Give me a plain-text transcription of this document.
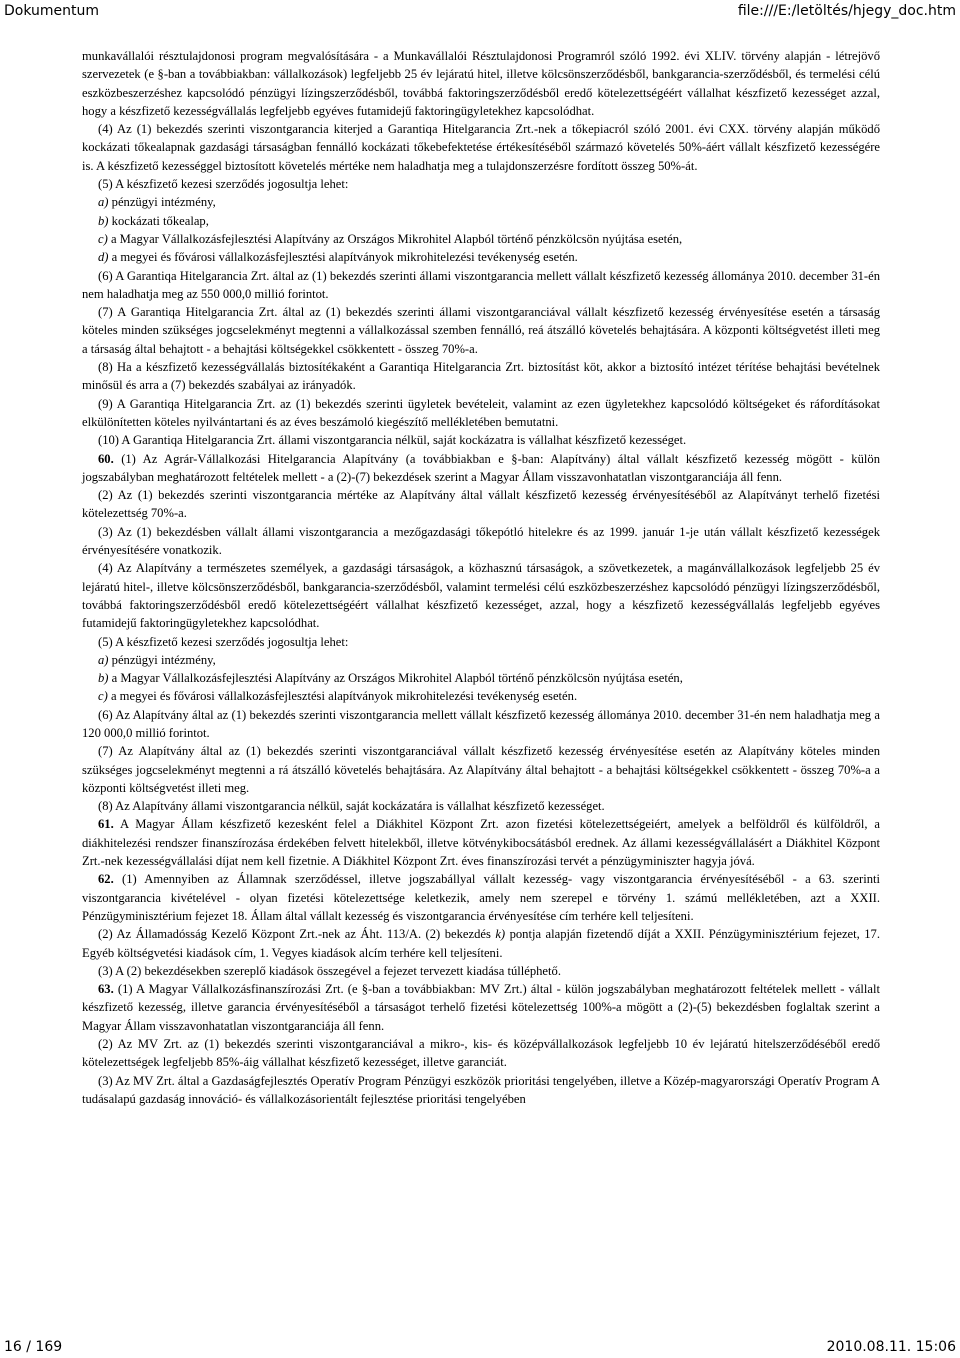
Dokumentum	file:///E:/letöltés/hjegy_doc.htm

munkavállalói résztulajdonosi program megvalósítására - a Munkavállalói Résztulajdonosi Programról szóló 1992. évi XLIV. törvény alapján - létrejövő szervezetek (e §-ban a továbbiakban: vállalkozások) legfeljebb 25 év lejáratú hitel, illetve kölcsönszerződésből, bankgarancia-szerződésből, és termelési célú eszközbeszerzéshez kapcsolódó pénzügyi lízingszerződésből, továbbá faktoringszerződésből eredő kötelezettségéért vállalhat készfizető kezességet azzal, hogy a készfizető kezességvállalás legfeljebb egyéves futamidejű faktoringügyletekhez kapcsolódhat.

(4) Az (1) bekezdés szerinti viszontgarancia kiterjed a Garantiqa Hitelgarancia Zrt.-nek a tőkepiacról szóló 2001. évi CXX. törvény alapján működő kockázati tőkealapnak gazdasági társaságban fennálló kockázati tőkebefektetése értékesítéséből származó követelés 50%-áért vállalt készfizető kezességére is. A készfizető kezességgel biztosított követelés mértéke nem haladhatja meg a tulajdonszerzésre fordított összeg 50%-át.

(5) A készfizető kezesi szerződés jogosultja lehet:

a) pénzügyi intézmény,

b) kockázati tőkealap,

c) a Magyar Vállalkozásfejlesztési Alapítvány az Országos Mikrohitel Alapból történő pénzkölcsön nyújtása esetén,

d) a megyei és fővárosi vállalkozásfejlesztési alapítványok mikrohitelezési tevékenység esetén.

(6) A Garantiqa Hitelgarancia Zrt. által az (1) bekezdés szerinti állami viszontgarancia mellett vállalt készfizető kezesség állománya 2010. december 31-én nem haladhatja meg az 550 000,0 millió forintot.

(7) A Garantiqa Hitelgarancia Zrt. által az (1) bekezdés szerinti állami viszontgaranciával vállalt készfizető kezesség érvényesítése esetén a társaság köteles minden szükséges jogcselekményt megtenni a vállalkozással szemben fennálló, reá átszálló követelés behajtására. A központi költségvetést illeti meg a társaság által behajtott - a behajtási költségekkel csökkentett - összeg 70%-a.

(8) Ha a készfizető kezességvállalás biztosítékaként a Garantiqa Hitelgarancia Zrt. biztosítást köt, akkor a biztosító intézet térítése behajtási bevételnek minősül és arra a (7) bekezdés szabályai az irányadók.

(9) A Garantiqa Hitelgarancia Zrt. az (1) bekezdés szerinti ügyletek bevételeit, valamint az ezen ügyletekhez kapcsolódó költségeket és ráfordításokat elkülönítetten köteles nyilvántartani és az éves beszámoló kiegészítő mellékletében bemutatni.

(10) A Garantiqa Hitelgarancia Zrt. állami viszontgarancia nélkül, saját kockázatra is vállalhat készfizető kezességet.

60. (1) Az Agrár-Vállalkozási Hitelgarancia Alapítvány (a továbbiakban e §-ban: Alapítvány) által vállalt készfizető kezesség mögött - külön jogszabályban meghatározott feltételek mellett - a (2)-(7) bekezdések szerint a Magyar Állam visszavonhatatlan viszontgaranciája áll fenn.

(2) Az (1) bekezdés szerinti viszontgarancia mértéke az Alapítvány által vállalt készfizető kezesség érvényesítéséből az Alapítványt terhelő fizetési kötelezettség 70%-a.

(3) Az (1) bekezdésben vállalt állami viszontgarancia a mezőgazdasági tőkepótló hitelekre és az 1999. január 1-je után vállalt készfizető kezességek érvényesítésére vonatkozik.

(4) Az Alapítvány a természetes személyek, a gazdasági társaságok, a közhasznú társaságok, a szövetkezetek, a magánvállalkozások legfeljebb 25 év lejáratú hitel-, illetve kölcsönszerződésből, bankgarancia-szerződésből, valamint termelési célú eszközbeszerzéshez kapcsolódó pénzügyi lízingszerződésből, továbbá faktoringszerződésből eredő kötelezettségéért vállalhat készfizető kezességet, azzal, hogy a készfizető kezességvállalás legfeljebb egyéves futamidejű faktoringügyletekhez kapcsolódhat.

(5) A készfizető kezesi szerződés jogosultja lehet:

a) pénzügyi intézmény,

b) a Magyar Vállalkozásfejlesztési Alapítvány az Országos Mikrohitel Alapból történő pénzkölcsön nyújtása esetén,

c) a megyei és fővárosi vállalkozásfejlesztési alapítványok mikrohitelezési tevékenység esetén.

(6) Az Alapítvány által az (1) bekezdés szerinti viszontgarancia mellett vállalt készfizető kezesség állománya 2010. december 31-én nem haladhatja meg a 120 000,0 millió forintot.

(7) Az Alapítvány által az (1) bekezdés szerinti viszontgaranciával vállalt készfizető kezesség érvényesítése esetén az Alapítvány köteles minden szükséges jogcselekményt megtenni a rá átszálló követelés behajtására. Az Alapítvány által behajtott - a behajtási költségekkel csökkentett - összeg 70%-a a központi költségvetést illeti meg.

(8) Az Alapítvány állami viszontgarancia nélkül, saját kockázatára is vállalhat készfizető kezességet.

61. A Magyar Állam készfizető kezesként felel a Diákhitel Központ Zrt. azon fizetési kötelezettségeiért, amelyek a belföldről és külföldről, a diákhitelezési rendszer finanszírozása érdekében felvett hitelekből, illetve kötvénykibocsátásból erednek. Az állami kezességvállalásért a Diákhitel Központ Zrt.-nek kezességvállalási díjat nem kell fizetnie. A Diákhitel Központ Zrt. éves finanszírozási tervét a pénzügyminiszter hagyja jóvá.

62. (1) Amennyiben az Államnak szerződéssel, illetve jogszabállyal vállalt kezesség- vagy viszontgarancia érvényesítéséből - a 63. szerinti viszontgarancia kivételével - olyan fizetési kötelezettsége keletkezik, amely nem szerepel e törvény 1. számú mellékletében, azt a XXII. Pénzügyminisztérium fejezet 18. Állam által vállalt kezesség és viszontgarancia érvényesítése cím terhére kell teljesíteni.

(2) Az Államadósság Kezelő Központ Zrt.-nek az Áht. 113/A. (2) bekezdés k) pontja alapján fizetendő díját a XXII. Pénzügyminisztérium fejezet, 17. Egyéb költségvetési kiadások cím, 1. Vegyes kiadások alcím terhére kell teljesíteni.

(3) A (2) bekezdésekben szereplő kiadások összegével a fejezet tervezett kiadása túlléphető.

63. (1) A Magyar Vállalkozásfinanszírozási Zrt. (e §-ban a továbbiakban: MV Zrt.) által - külön jogszabályban meghatározott feltételek mellett - vállalt készfizető kezesség, illetve garancia érvényesítéséből a társaságot terhelő fizetési kötelezettség 100%-a mögött a (2)-(5) bekezdésben foglaltak szerint a Magyar Állam visszavonhatatlan viszontgaranciája áll fenn.

(2) Az MV Zrt. az (1) bekezdés szerinti viszontgaranciával a mikro-, kis- és középvállalkozások legfeljebb 10 év lejáratú hitelszerződéséből eredő kötelezettségek legfeljebb 85%-áig vállalhat készfizető kezességet, illetve garanciát.

(3) Az MV Zrt. által a Gazdaságfejlesztés Operatív Program Pénzügyi eszközök prioritási tengelyében, illetve a Közép-magyarországi Operatív Program A tudásalapú gazdaság innováció- és vállalkozásorientált fejlesztése prioritási tengelyében

16 / 169	2010.08.11. 15:06
